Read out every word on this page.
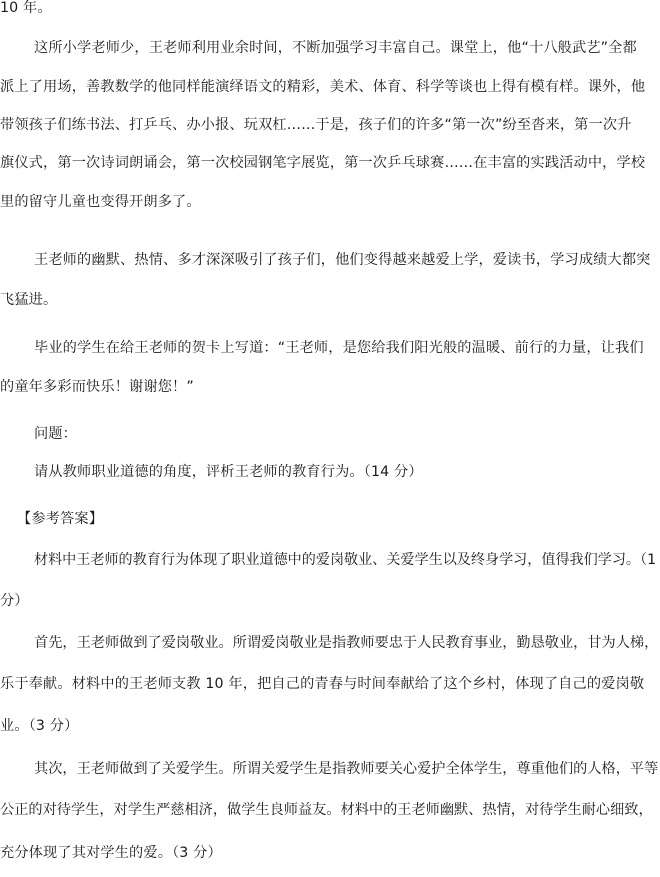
10 年。
这所小学老师少，王老师利用业余时间，不断加强学习丰富自己。课堂上，他“十八般武艺”全都
派上了用场，善教数学的他同样能演绎语文的精彩，美术、体育、科学等谈也上得有模有样。课外，他
带领孩子们练书法、打乒乓、办小报、玩双杠……于是，孩子们的许多“第一次”纷至沓来，第一次升
旗仪式，第一次诗词朗诵会，第一次校园钢笔字展览，第一次乒乓球赛……在丰富的实践活动中，学校
里的留守儿童也变得开朗多了。
王老师的幽默、热情、多才深深吸引了孩子们，他们变得越来越爱上学，爱读书，学习成绩大都突
飞猛进。
毕业的学生在给王老师的贺卡上写道：“王老师，是您给我们阳光般的温暖、前行的力量，让我们
的童年多彩而快乐！谢谢您！”
问题：
请从教师职业道德的角度，评析王老师的教育行为。（14 分）
【参考答案】
材料中王老师的教育行为体现了职业道德中的爱岗敬业、关爱学生以及终身学习，值得我们学习。（1
分）
首先，王老师做到了爱岗敬业。所谓爱岗敬业是指教师要忠于人民教育事业，勤恳敬业，甘为人梯，
乐于奉献。材料中的王老师支教 10 年，把自己的青春与时间奉献给了这个乡村，体现了自己的爱岗敬
业。（3 分）
其次，王老师做到了关爱学生。所谓关爱学生是指教师要关心爱护全体学生，尊重他们的人格，平等
公正的对待学生，对学生严慈相济，做学生良师益友。材料中的王老师幽默、热情，对待学生耐心细致，
充分体现了其对学生的爱。（3 分）
